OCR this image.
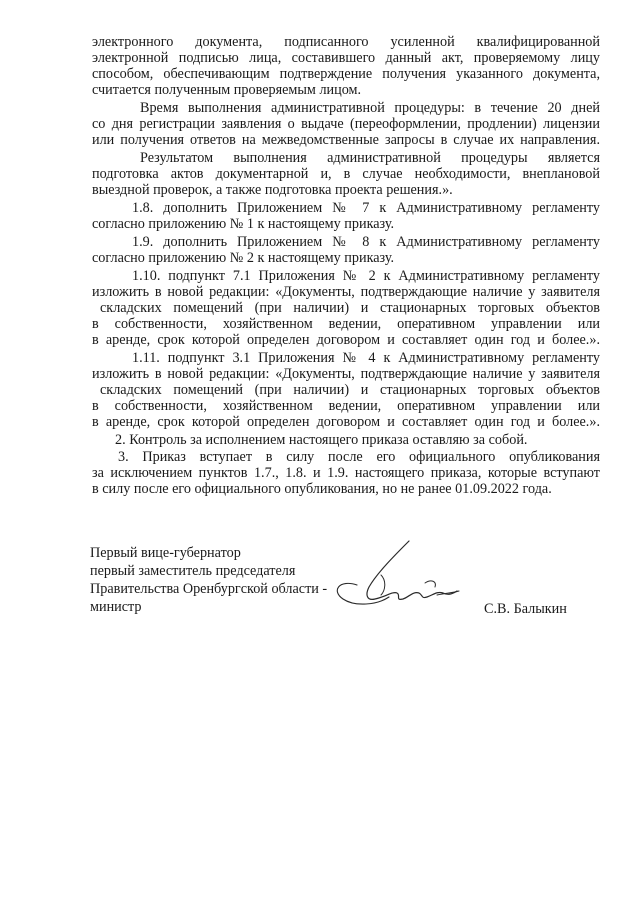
электронного документа, подписанного усиленной квалифицированной
электронной подписью лица, составившего данный акт, проверяемому лицу
способом, обеспечивающим подтверждение получения указанного документа,
считается полученным проверяемым лицом.
Время выполнения административной процедуры: в течение 20 дней
со дня регистрации заявления о выдаче (переоформлении, продлении) лицензии
или получения ответов на межведомственные запросы в случае их направления.
Результатом выполнения административной процедуры является
подготовка актов документарной и, в случае необходимости, внеплановой
выездной проверок, а также подготовка проекта решения.».
1.8. дополнить Приложением № 7 к Административному регламенту
согласно приложению № 1 к настоящему приказу.
1.9. дополнить Приложением № 8 к Административному регламенту
согласно приложению № 2 к настоящему приказу.
1.10. подпункт 7.1 Приложения № 2 к Административному регламенту
изложить в новой редакции: «Документы, подтверждающие наличие у заявителя
складских помещений (при наличии) и стационарных торговых объектов
в собственности, хозяйственном ведении, оперативном управлении или
в аренде, срок которой определен договором и составляет один год и более.».
1.11. подпункт 3.1 Приложения № 4 к Административному регламенту
изложить в новой редакции: «Документы, подтверждающие наличие у заявителя
складских помещений (при наличии) и стационарных торговых объектов
в собственности, хозяйственном ведении, оперативном управлении или
в аренде, срок которой определен договором и составляет один год и более.».
2. Контроль за исполнением настоящего приказа оставляю за собой.
3. Приказ вступает в силу после его официального опубликования
за исключением пунктов 1.7., 1.8. и 1.9. настоящего приказа, которые вступают
в силу после его официального опубликования, но не ранее 01.09.2022 года.
Первый вице-губернатор
первый заместитель председателя
Правительства Оренбургской области -
министр	С.В. Балыкин
